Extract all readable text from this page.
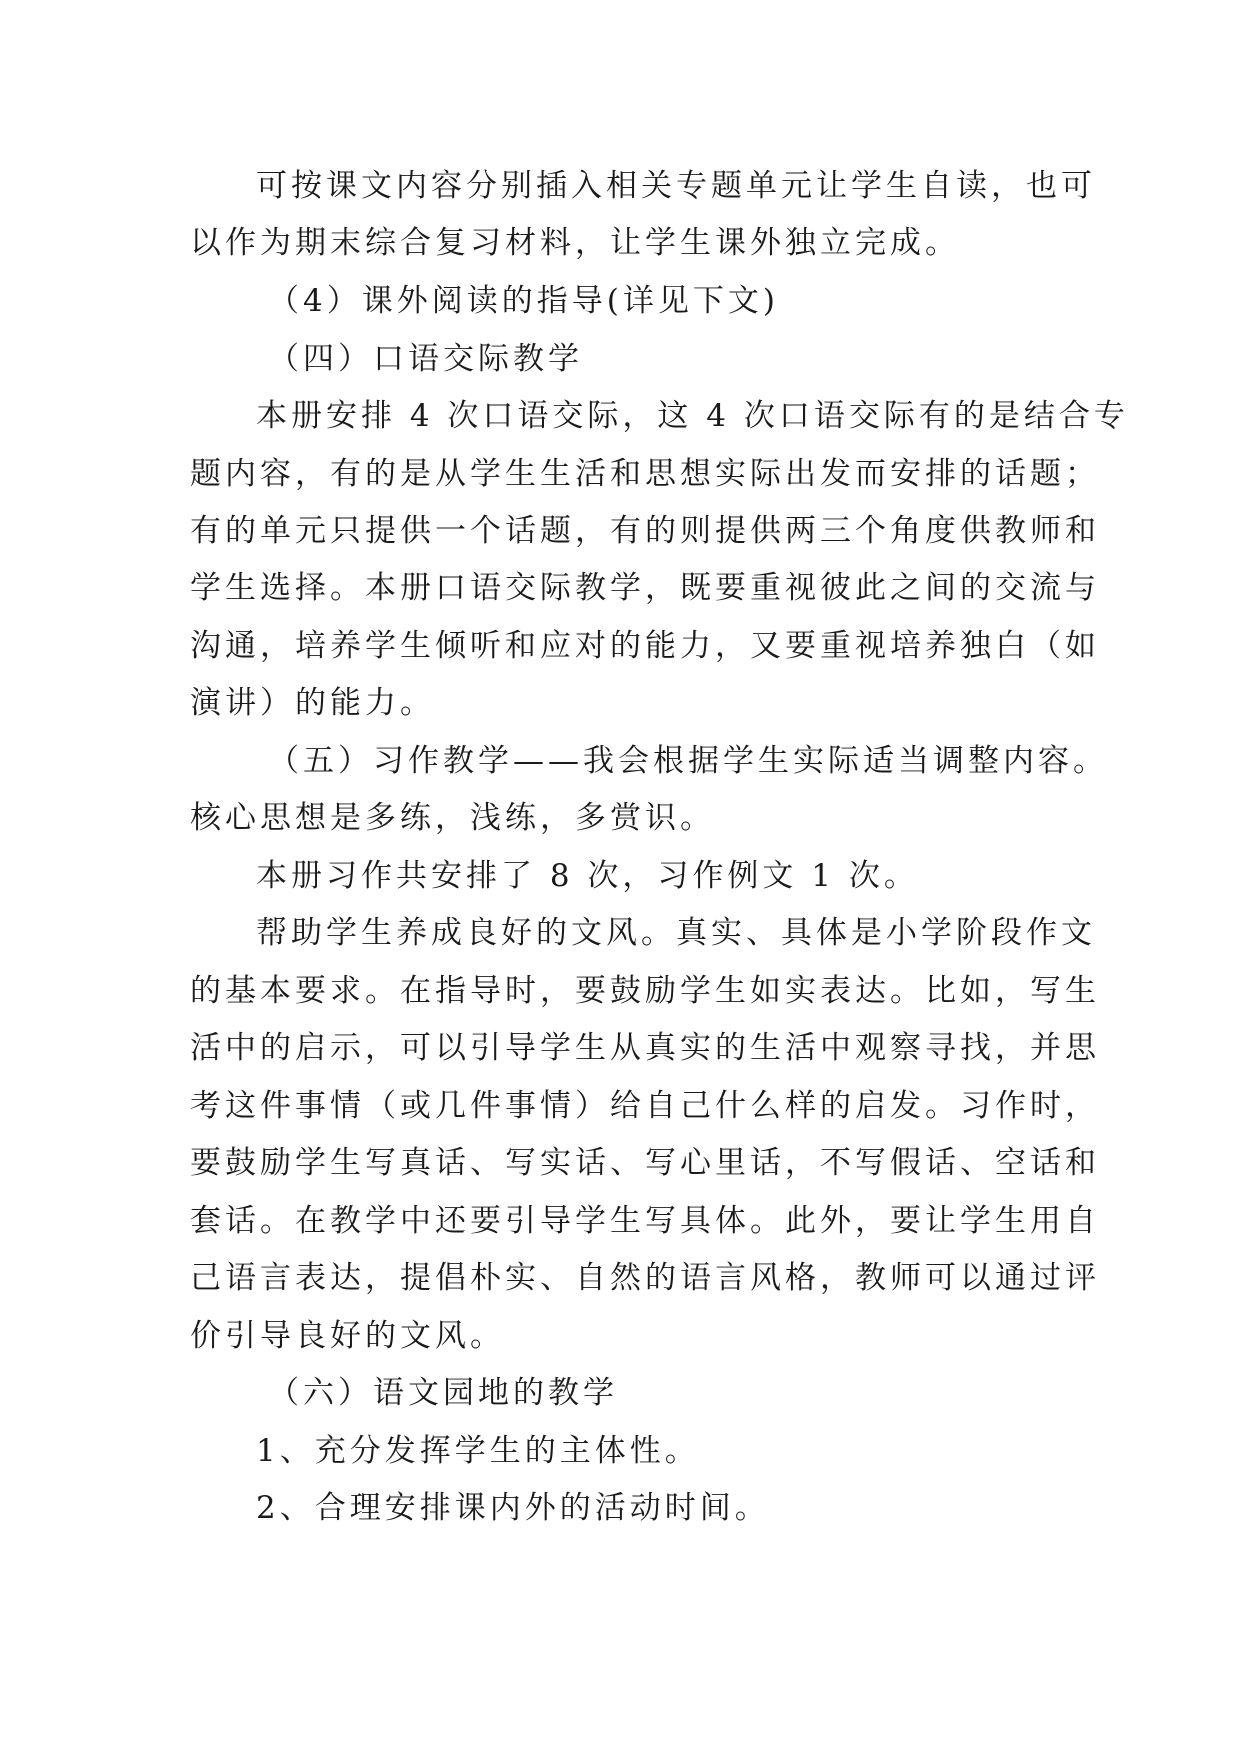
可按课文内容分别插入相关专题单元让学生自读，也可
以作为期末综合复习材料，让学生课外独立完成。
（4）课外阅读的指导(详见下文)
（四）口语交际教学
本册安排 4 次口语交际，这 4 次口语交际有的是结合专
题内容，有的是从学生生活和思想实际出发而安排的话题；
有的单元只提供一个话题，有的则提供两三个角度供教师和
学生选择。本册口语交际教学，既要重视彼此之间的交流与
沟通，培养学生倾听和应对的能力，又要重视培养独白（如
演讲）的能力。
（五）习作教学——我会根据学生实际适当调整内容。
核心思想是多练，浅练，多赏识。
本册习作共安排了 8 次，习作例文 1 次。
帮助学生养成良好的文风。真实、具体是小学阶段作文
的基本要求。在指导时，要鼓励学生如实表达。比如，写生
活中的启示，可以引导学生从真实的生活中观察寻找，并思
考这件事情（或几件事情）给自己什么样的启发。习作时，
要鼓励学生写真话、写实话、写心里话，不写假话、空话和
套话。在教学中还要引导学生写具体。此外，要让学生用自
己语言表达，提倡朴实、自然的语言风格，教师可以通过评
价引导良好的文风。
（六）语文园地的教学
1、充分发挥学生的主体性。
2、合理安排课内外的活动时间。
